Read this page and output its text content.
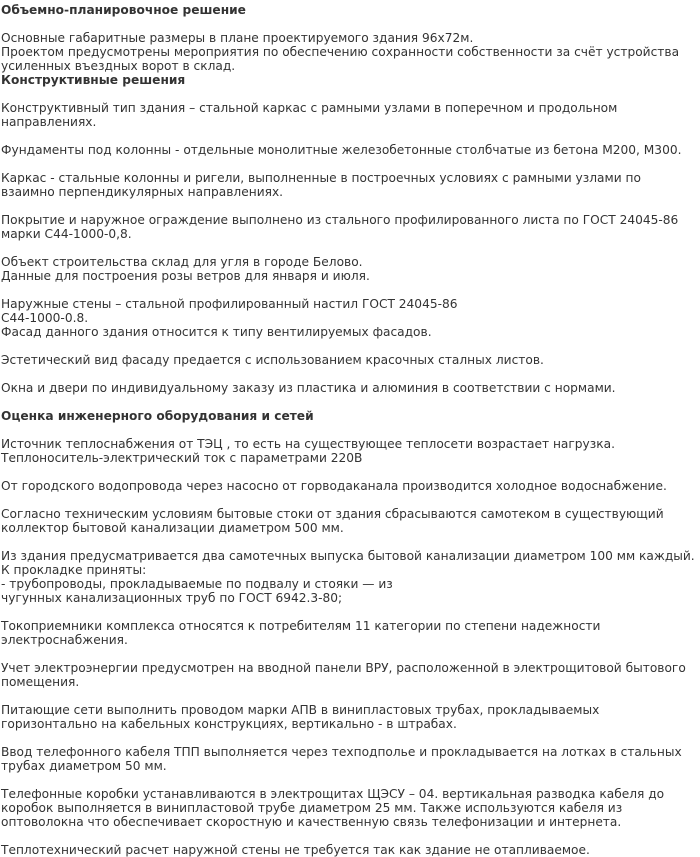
Объемно-планировочное решение

Основные габаритные размеры в плане проектируемого здания 96х72м.
Проектом предусмотрены мероприятия по обеспечению сохранности собственности за счёт устройства усиленных въездных ворот в склад.

Конструктивные решения

Конструктивный тип здания – стальной каркас с рамными узлами в поперечном и продольном направлениях.

Фундаменты под колонны - отдельные монолитные железобетонные столбчатые из бетона М200, М300.

Каркас - стальные колонны и ригели, выполненные в построечных условиях с рамными узлами по взаимно перпендикулярных направлениях.

Покрытие и наружное ограждение выполнено из стального профилированного листа по ГОСТ 24045-86 марки С44-1000-0,8.

Объект строительства склад для угля в городе Белово.
Данные для построения розы ветров для января и июля.

Наружные стены – стальной профилированный настил ГОСТ 24045-86
С44-1000-0.8.
Фасад данного здания относится к типу вентилируемых фасадов.

Эстетический вид фасаду предается с использованием красочных сталных листов.

Окна и двери по индивидуальному заказу из пластика и алюминия в соответствии с нормами.

Оценка инженерного оборудования и сетей

Источник теплоснабжения от ТЭЦ , то есть на существующее теплосети возрастает нагрузка. Теплоноситель-электрический ток с параметрами 220В

От городского водопровода через насосно от горводаканала производится холодное водоснабжение.

Согласно техническим условиям бытовые стоки от здания сбрасываются самотеком в существующий коллектор бытовой канализации диаметром 500 мм.

Из здания предусматривается два самотечных выпуска бытовой канализации диаметром 100 мм каждый.
К прокладке приняты:
- трубопроводы, прокладываемые по подвалу и стояки — из
чугунных канализационных труб по ГОСТ 6942.3-80;

Токоприемники комплекса относятся к потребителям 11 категории по степени надежности электроснабжения.

Учет электроэнергии предусмотрен на вводной панели ВРУ, расположенной в электрощитовой бытового помещения.

Питающие сети выполнить проводом марки АПВ в винипластовых трубах, прокладываемых горизонтально на кабельных конструкциях, вертикально - в штрабах.

Ввод телефонного кабеля ТПП выполняется через техподполье и прокладывается на лотках в стальных трубах диаметром 50 мм.

Телефонные коробки устанавливаются в электрощитах ЩЭСУ – 04. вертикальная разводка кабеля до коробок выполняется в винипластовой трубе диаметром 25 мм. Также используются кабеля из оптоволокна что обеспечивает скоростную и качественную связь телефонизации и интернета.

Теплотехнический расчет наружной стены не требуется так как здание не отапливаемое.
